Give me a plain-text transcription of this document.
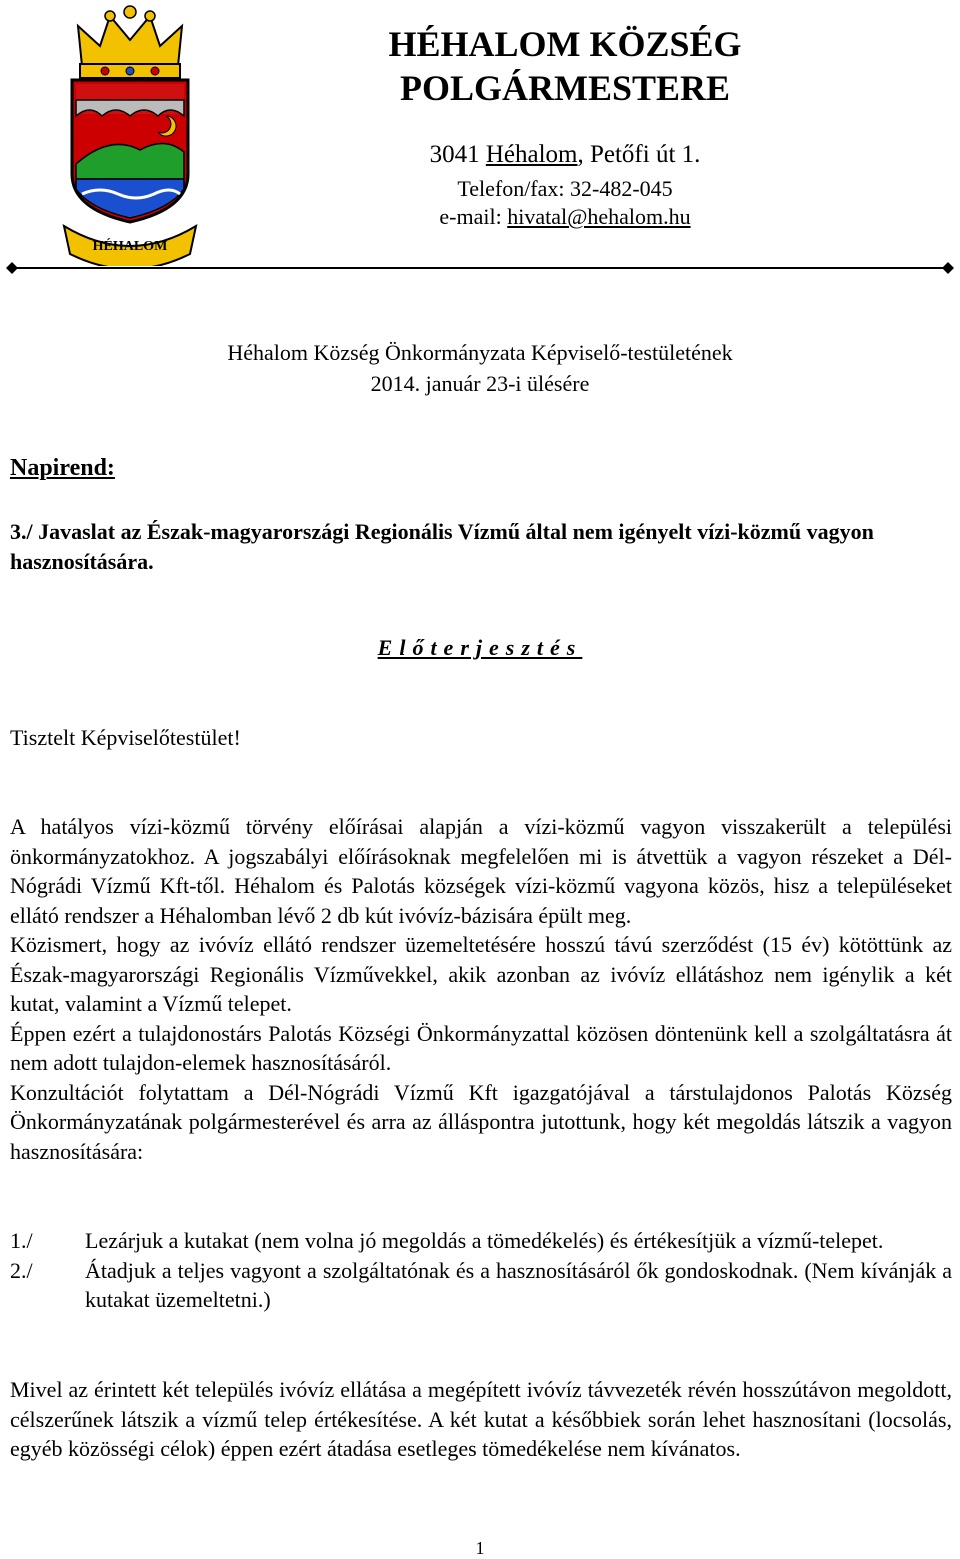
HÉHALOM
HÉHALOM KÖZSÉG
POLGÁRMESTERE
3041 Héhalom, Petőfi út 1.
Telefon/fax: 32-482-045
e-mail: hivatal@hehalom.hu
Héhalom Község Önkormányzata Képviselő-testületének
2014. január 23-i ülésére
Napirend:
3./ Javaslat az Észak-magyarországi Regionális Vízmű által nem igényelt vízi-közmű vagyon hasznosítására.
Előterjesztés
Tisztelt Képviselőtestület!
A hatályos vízi-közmű törvény előírásai alapján a vízi-közmű vagyon visszakerült a települési önkormányzatokhoz. A jogszabályi előírásoknak megfelelően mi is átvettük a vagyon részeket a Dél-Nógrádi Vízmű Kft-től. Héhalom és Palotás községek vízi-közmű vagyona közös, hisz a településeket ellátó rendszer a Héhalomban lévő 2 db kút ivóvíz-bázisára épült meg.
Közismert, hogy az ivóvíz ellátó rendszer üzemeltetésére hosszú távú szerződést (15 év) kötöttünk az Észak-magyarországi Regionális Vízművekkel, akik azonban az ivóvíz ellátáshoz nem igénylik a két kutat, valamint a Vízmű telepet.
Éppen ezért a tulajdonostárs Palotás Községi Önkormányzattal közösen döntenünk kell a szolgáltatásra át nem adott tulajdon-elemek hasznosításáról.
Konzultációt folytattam a Dél-Nógrádi Vízmű Kft igazgatójával a társtulajdonos Palotás Község Önkormányzatának polgármesterével és arra az álláspontra jutottunk, hogy két megoldás látszik a vagyon hasznosítására:
1./	Lezárjuk a kutakat (nem volna jó megoldás a tömedékelés) és értékesítjük a vízmű-telepet.
2./	Átadjuk a teljes vagyont a szolgáltatónak és a hasznosításáról ők gondoskodnak. (Nem kívánják a kutakat üzemeltetni.)
Mivel az érintett két település ivóvíz ellátása a megépített ivóvíz távvezeték révén hosszútávon megoldott, célszerűnek látszik a vízmű telep értékesítése. A két kutat a későbbiek során lehet hasznosítani (locsolás, egyéb közösségi célok) éppen ezért átadása esetleges tömedékelése nem kívánatos.
1
